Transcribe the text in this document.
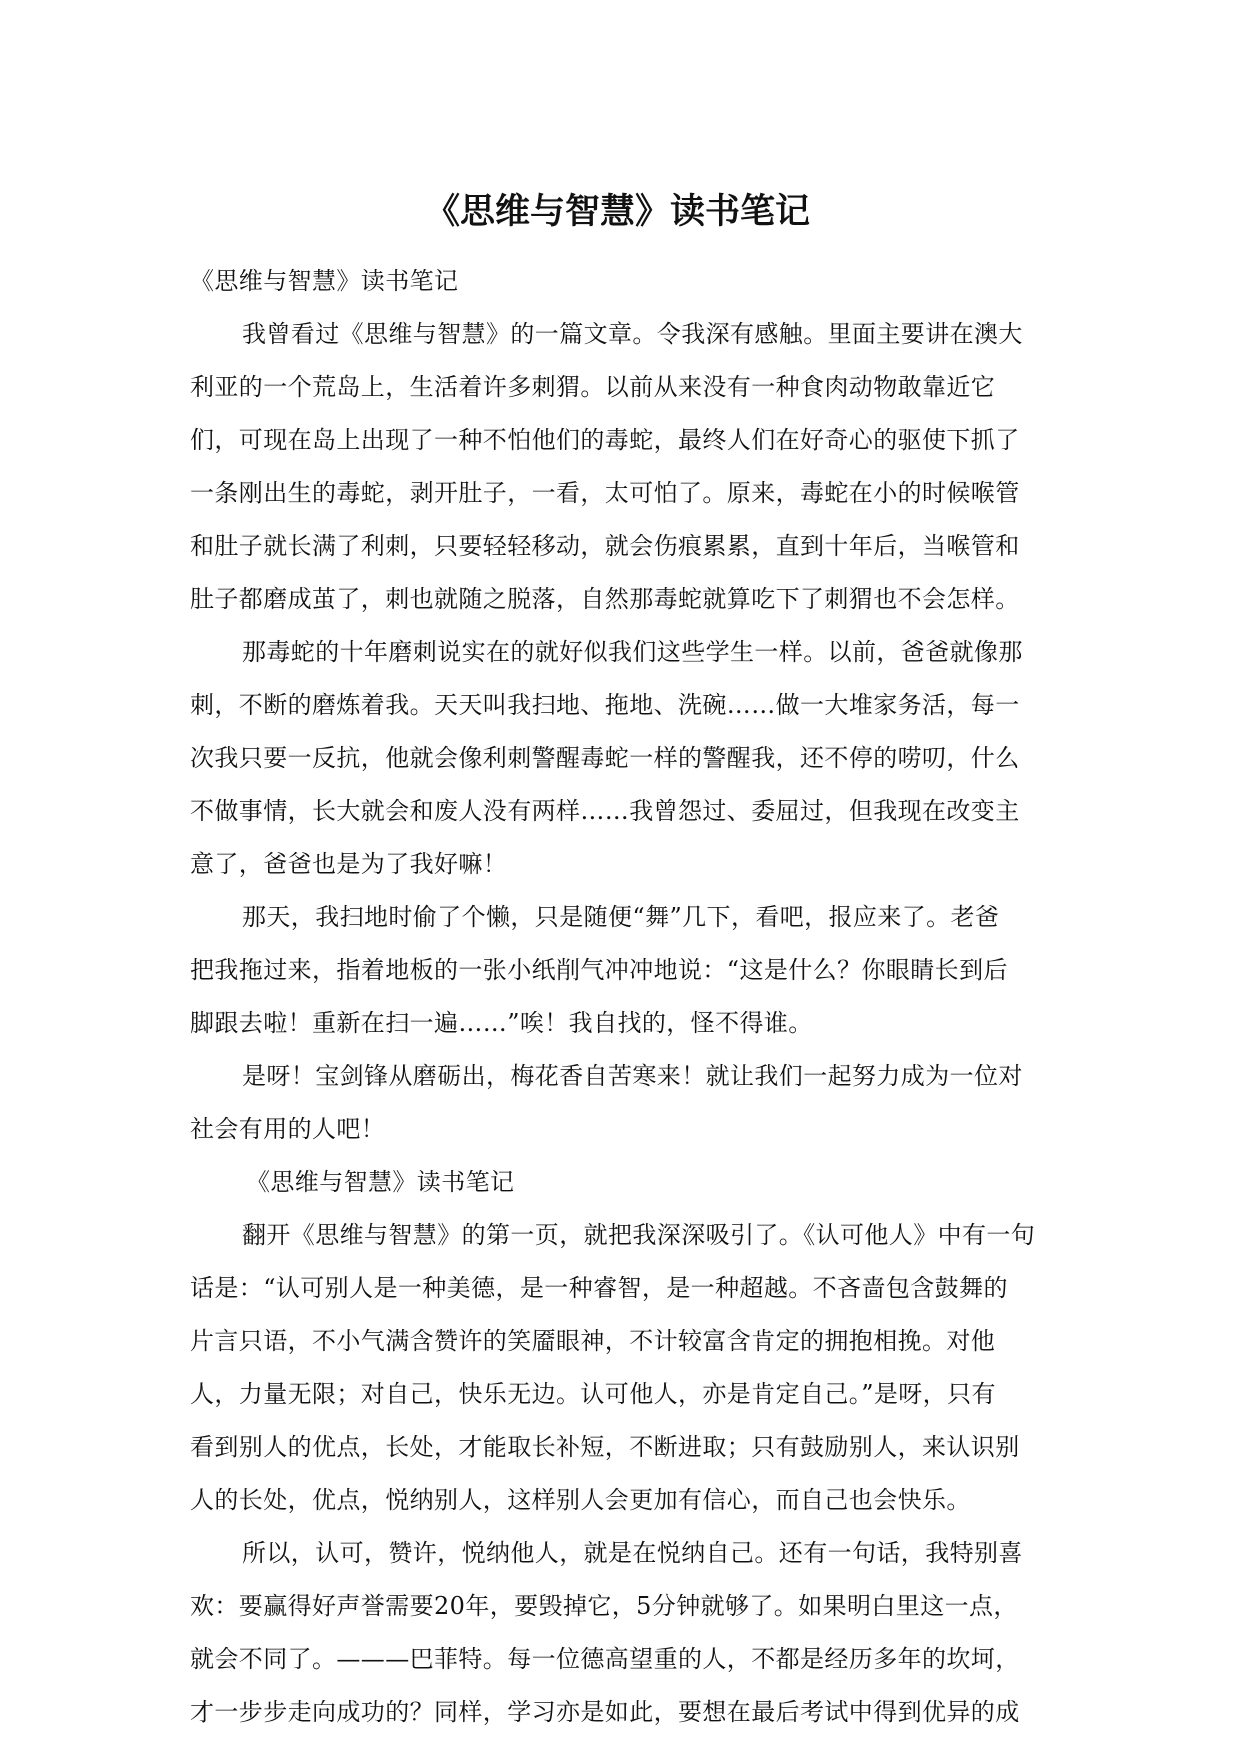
《思维与智慧》读书笔记
《思维与智慧》读书笔记
我曾看过《思维与智慧》的一篇文章。令我深有感触。里面主要讲在澳大
利亚的一个荒岛上，生活着许多刺猬。以前从来没有一种食肉动物敢靠近它
们，可现在岛上出现了一种不怕他们的毒蛇，最终人们在好奇心的驱使下抓了
一条刚出生的毒蛇，剥开肚子，一看，太可怕了。原来，毒蛇在小的时候喉管
和肚子就长满了利刺，只要轻轻移动，就会伤痕累累，直到十年后，当喉管和
肚子都磨成茧了，刺也就随之脱落，自然那毒蛇就算吃下了刺猬也不会怎样。
那毒蛇的十年磨刺说实在的就好似我们这些学生一样。以前，爸爸就像那
刺，不断的磨炼着我。天天叫我扫地、拖地、洗碗……做一大堆家务活，每一
次我只要一反抗，他就会像利刺警醒毒蛇一样的警醒我，还不停的唠叨，什么
不做事情，长大就会和废人没有两样……我曾怨过、委屈过，但我现在改变主
意了，爸爸也是为了我好嘛！
那天，我扫地时偷了个懒，只是随便“舞”几下，看吧，报应来了。老爸
把我拖过来，指着地板的一张小纸削气冲冲地说：“这是什么？你眼睛长到后
脚跟去啦！重新在扫一遍……”唉！我自找的，怪不得谁。
是呀！宝剑锋从磨砺出，梅花香自苦寒来！就让我们一起努力成为一位对
社会有用的人吧！
《思维与智慧》读书笔记
翻开《思维与智慧》的第一页，就把我深深吸引了。《认可他人》中有一句
话是：“认可别人是一种美德，是一种睿智，是一种超越。不吝啬包含鼓舞的
片言只语，不小气满含赞许的笑靥眼神，不计较富含肯定的拥抱相挽。对他
人，力量无限；对自己，快乐无边。认可他人，亦是肯定自己。”是呀，只有
看到别人的优点，长处，才能取长补短，不断进取；只有鼓励别人，来认识别
人的长处，优点，悦纳别人，这样别人会更加有信心，而自己也会快乐。
所以，认可，赞许，悦纳他人，就是在悦纳自己。还有一句话，我特别喜
欢：要赢得好声誉需要20年，要毁掉它，5分钟就够了。如果明白里这一点，
就会不同了。———巴菲特。每一位德高望重的人，不都是经历多年的坎坷，
才一步步走向成功的？同样，学习亦是如此，要想在最后考试中得到优异的成
